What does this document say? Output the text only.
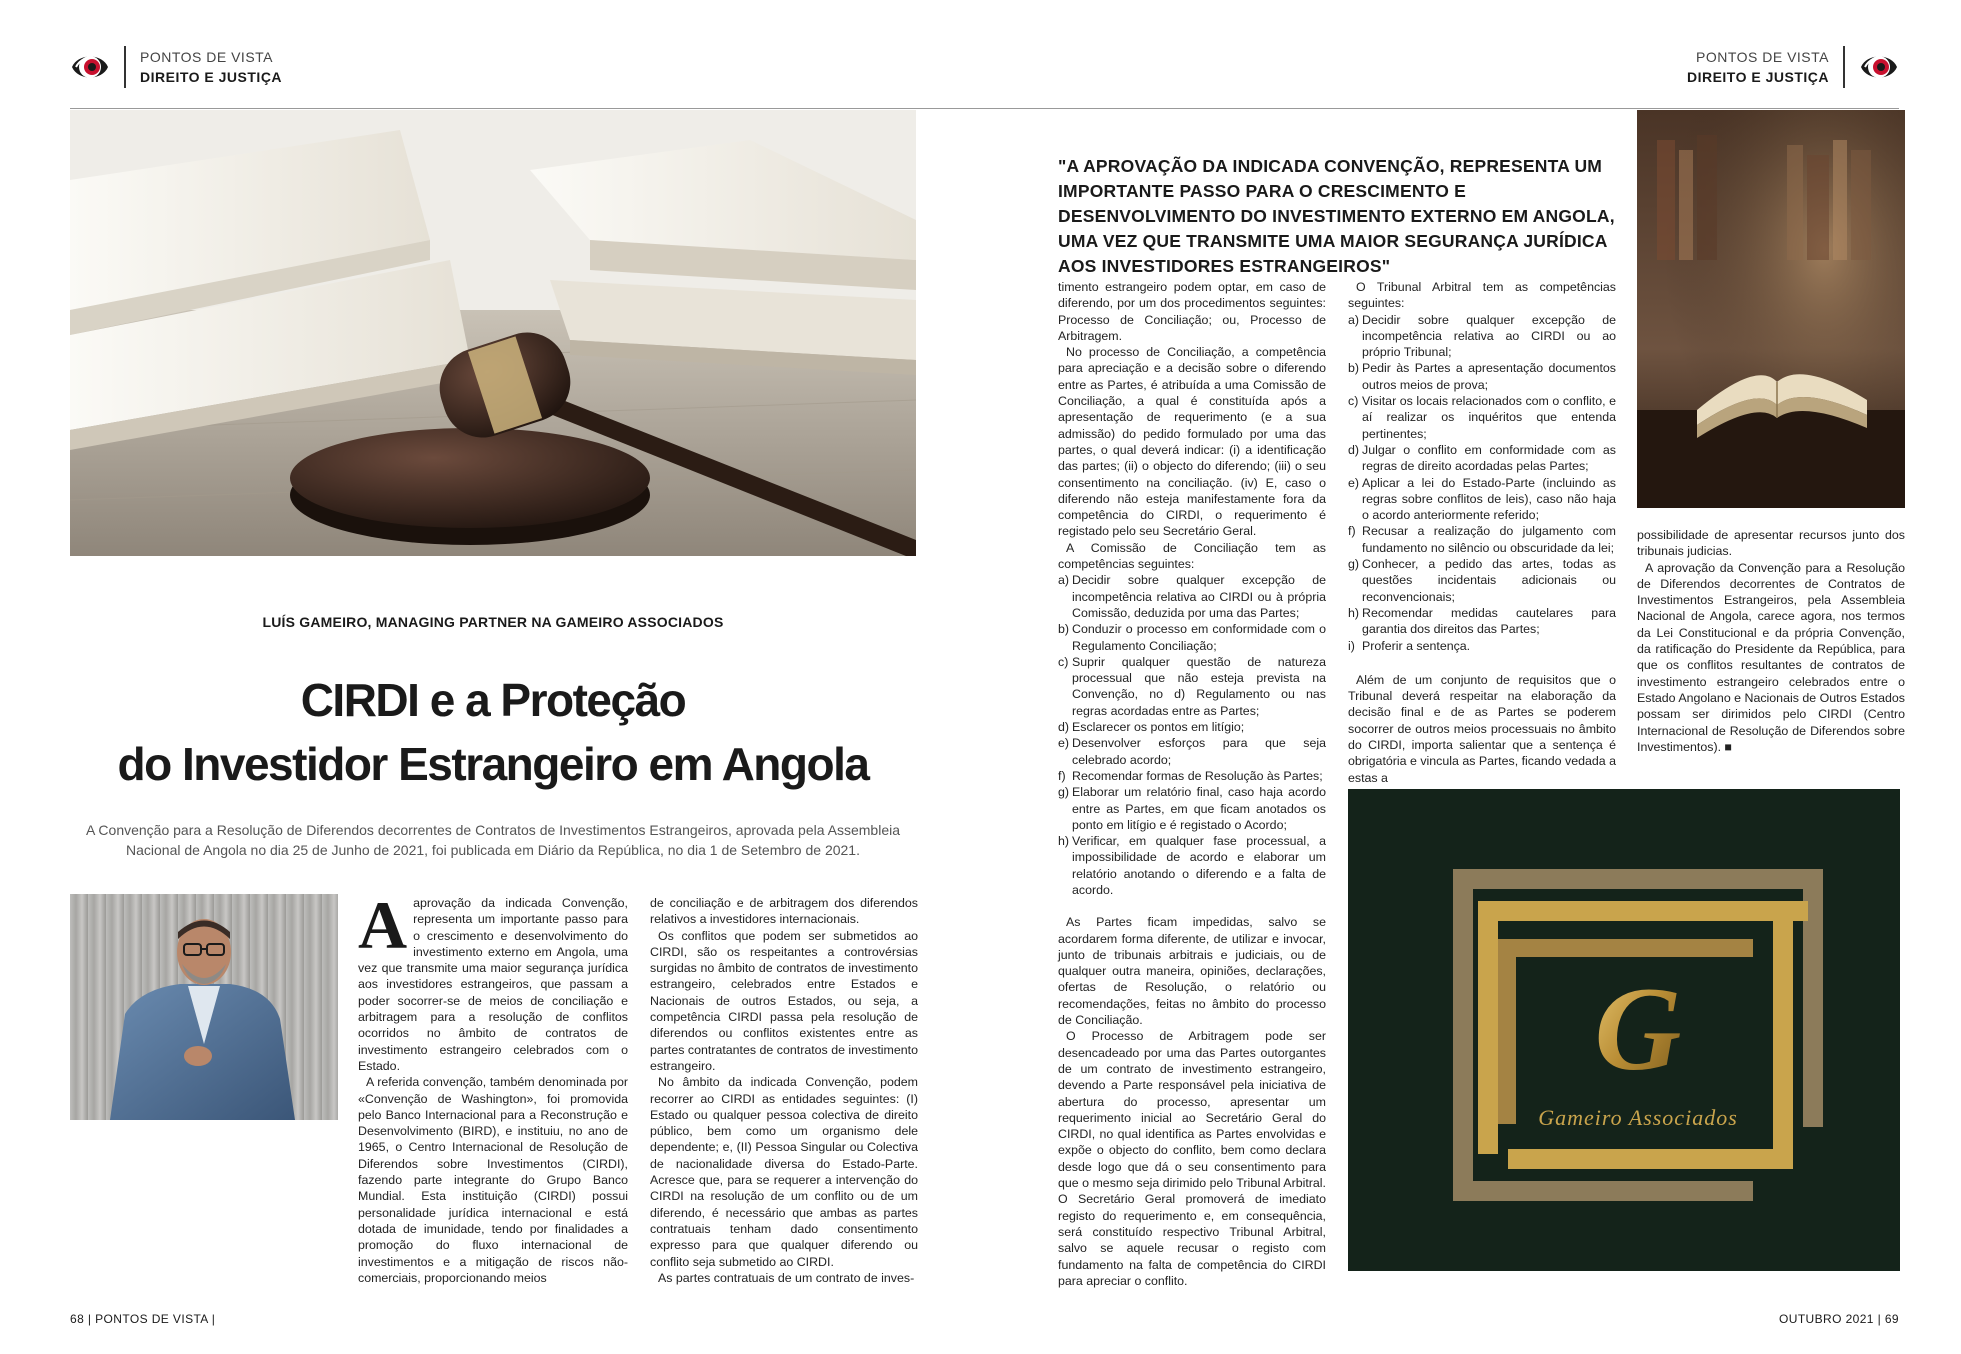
PONTOS DE VISTA
DIREITO E JUSTIÇA
PONTOS DE VISTA
DIREITO E JUSTIÇA
LUÍS GAMEIRO, MANAGING PARTNER NA GAMEIRO ASSOCIADOS
CIRDI e a Proteção
do Investidor Estrangeiro em Angola
A Convenção para a Resolução de Diferendos decorrentes de Contratos de Investimentos Estrangeiros, aprovada pela Assembleia Nacional de Angola no dia 25 de Junho de 2021, foi publicada em Diário da República, no dia 1 de Setembro de 2021.

Aaprovação da indicada Convenção, representa um importante passo para o crescimento e desenvolvimento do investimento externo em Angola, uma vez que transmite uma maior segurança jurídica aos investidores estrangeiros, que passam a poder socorrer-se de meios de conciliação e arbitragem para a resolução de conflitos ocorridos no âmbito de contratos de investimento estrangeiro celebrados com o Estado.

A referida convenção, também denominada por «Convenção de Washington», foi promovida pelo Banco Internacional para a Reconstrução e Desenvolvimento (BIRD), e instituiu, no ano de 1965, o Centro Internacional de Resolução de Diferendos sobre Investimentos (CIRDI), fazendo parte integrante do Grupo Banco Mundial. Esta instituição (CIRDI) possui personalidade jurídica internacional e está dotada de imunidade, tendo por finalidades a promoção do fluxo internacional de investimentos e a mitigação de riscos não-comerciais, proporcionando meios

de conciliação e de arbitragem dos diferendos relativos a investidores internacionais.

Os conflitos que podem ser submetidos ao CIRDI, são os respeitantes a controvérsias surgidas no âmbito de contratos de investimento estrangeiro, celebrados entre Estados e Nacionais de outros Estados, ou seja, a competência CIRDI passa pela resolução de diferendos ou conflitos existentes entre as partes contratantes de contratos de investimento estrangeiro.

No âmbito da indicada Convenção, podem recorrer ao CIRDI as entidades seguintes: (I) Estado ou qualquer pessoa colectiva de direito público, bem como um organismo dele dependente; e, (II) Pessoa Singular ou Colectiva de nacionalidade diversa do Estado-Parte. Acresce que, para se requerer a intervenção do CIRDI na resolução de um conflito ou de um diferendo, é necessário que ambas as partes contratuais tenham dado consentimento expresso para que qualquer diferendo ou conflito seja submetido ao CIRDI.

As partes contratuais de um contrato de inves-

"A APROVAÇÃO DA INDICADA CONVENÇÃO, REPRESENTA UM IMPORTANTE PASSO PARA O CRESCIMENTO E DESENVOLVIMENTO DO INVESTIMENTO EXTERNO EM ANGOLA, UMA VEZ QUE TRANSMITE UMA MAIOR SEGURANÇA JURÍDICA AOS INVESTIDORES ESTRANGEIROS"

timento estrangeiro podem optar, em caso de diferendo, por um dos procedimentos seguintes: Processo de Conciliação; ou, Processo de Arbitragem.

No processo de Conciliação, a competência para apreciação e a decisão sobre o diferendo entre as Partes, é atribuída a uma Comissão de Conciliação, a qual é constituída após a apresentação de requerimento (e a sua admissão) do pedido formulado por uma das partes, o qual deverá indicar: (i) a identificação das partes; (ii) o objecto do diferendo; (iii) o seu consentimento na conciliação. (iv) E, caso o diferendo não esteja manifestamente fora da competência do CIRDI, o requerimento é registado pelo seu Secretário Geral.

A Comissão de Conciliação tem as competências seguintes:

a) Decidir sobre qualquer excepção de incompetência relativa ao CIRDI ou à própria Comissão, deduzida por uma das Partes;
b) Conduzir o processo em conformidade com o Regulamento Conciliação;
c) Suprir qualquer questão de natureza processual que não esteja prevista na Convenção, no d) Regulamento ou nas regras acordadas entre as Partes;
d) Esclarecer os pontos em litígio;
e) Desenvolver esforços para que seja celebrado acordo;
f) Recomendar formas de Resolução às Partes;
g) Elaborar um relatório final, caso haja acordo entre as Partes, em que ficam anotados os ponto em litígio e é registado o Acordo;
h) Verificar, em qualquer fase processual, a impossibilidade de acordo e elaborar um relatório anotando o diferendo e a falta de acordo.

As Partes ficam impedidas, salvo se acordarem forma diferente, de utilizar e invocar, junto de tribunais arbitrais e judiciais, ou de qualquer outra maneira, opiniões, declarações, ofertas de Resolução, o relatório ou recomendações, feitas no âmbito do processo de Conciliação.

O Processo de Arbitragem pode ser desencadeado por uma das Partes outorgantes de um contrato de investimento estrangeiro, devendo a Parte responsável pela iniciativa de abertura do processo, apresentar um requerimento inicial ao Secretário Geral do CIRDI, no qual identifica as Partes envolvidas e expõe o objecto do conflito, bem como declara desde logo que dá o seu consentimento para que o mesmo seja dirimido pelo Tribunal Arbitral. O Secretário Geral promoverá de imediato registo do requerimento e, em consequência, será constituído respectivo Tribunal Arbitral, salvo se aquele recusar o registo com fundamento na falta de competência do CIRDI para apreciar o conflito.

O Tribunal Arbitral tem as competências seguintes:

a) Decidir sobre qualquer excepção de incompetência relativa ao CIRDI ou ao próprio Tribunal;
b) Pedir às Partes a apresentação documentos outros meios de prova;
c) Visitar os locais relacionados com o conflito, e aí realizar os inquéritos que entenda pertinentes;
d) Julgar o conflito em conformidade com as regras de direito acordadas pelas Partes;
e) Aplicar a lei do Estado-Parte (incluindo as regras sobre conflitos de leis), caso não haja o acordo anteriormente referido;
f) Recusar a realização do julgamento com fundamento no silêncio ou obscuridade da lei;
g) Conhecer, a pedido das artes, todas as questões incidentais adicionais ou reconvencionais;
h) Recomendar medidas cautelares para garantia dos direitos das Partes;
i) Proferir a sentença.

Além de um conjunto de requisitos que o Tribunal deverá respeitar na elaboração da decisão final e de as Partes se poderem socorrer de outros meios processuais no âmbito do CIRDI, importa salientar que a sentença é obrigatória e vincula as Partes, ficando vedada a estas a

possibilidade de apresentar recursos junto dos tribunais judicias.

A aprovação da Convenção para a Resolução de Diferendos decorrentes de Contratos de Investimentos Estrangeiros, pela Assembleia Nacional de Angola, carece agora, nos termos da Lei Constitucional e da própria Convenção, da ratificação do Presidente da República, para que os conflitos resultantes de contratos de investimento estrangeiro celebrados entre o Estado Angolano e Nacionais de Outros Estados possam ser dirimidos pelo CIRDI (Centro Internacional de Resolução de Diferendos sobre Investimentos). ■

G
Gameiro Associados
68 | PONTOS DE VISTA |	OUTUBRO 2021 | 69
